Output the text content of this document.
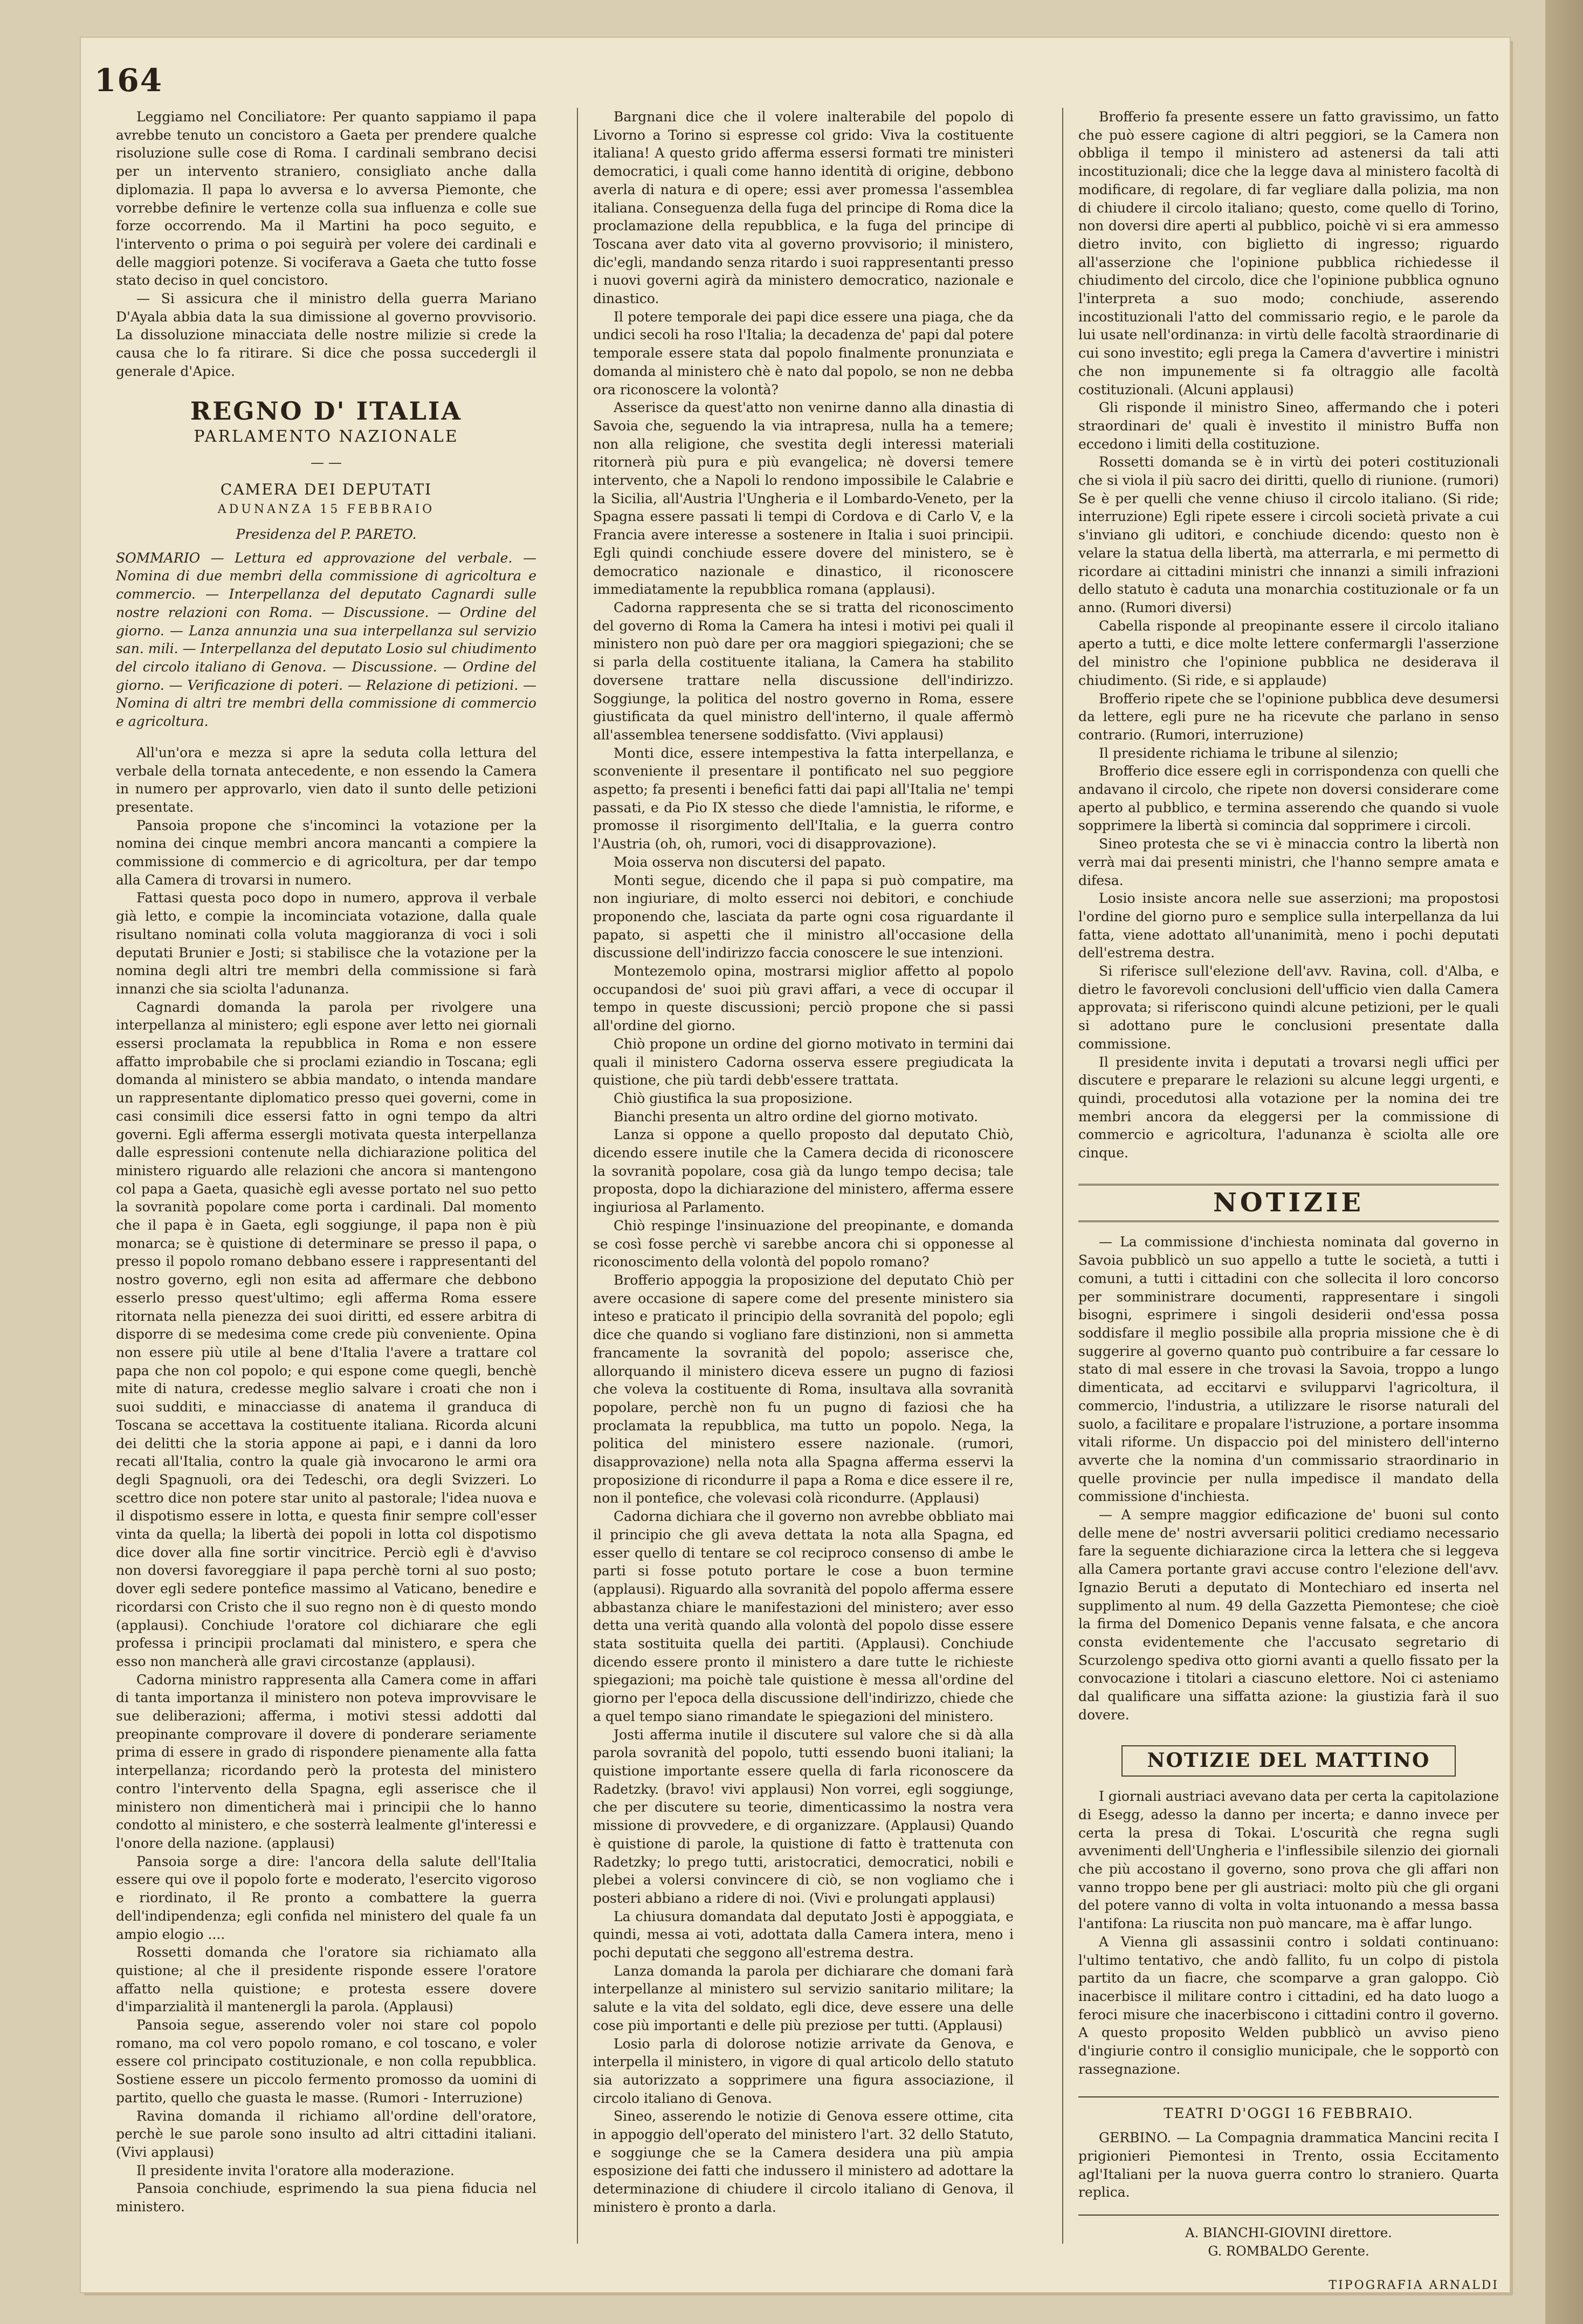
164

Leggiamo nel Conciliatore: Per quanto sappiamo il papa avrebbe tenuto un concistoro a Gaeta per prendere qualche risoluzione sulle cose di Roma. I cardinali sembrano decisi per un intervento straniero, consigliato anche dalla diplomazia. Il papa lo avversa e lo avversa Piemonte, che vorrebbe definire le vertenze colla sua influenza e colle sue forze occorrendo. Ma il Martini ha poco seguito, e l'intervento o prima o poi seguirà per volere dei cardinali e delle maggiori potenze. Si vociferava a Gaeta che tutto fosse stato deciso in quel concistoro.

— Si assicura che il ministro della guerra Mariano D'Ayala abbia data la sua dimissione al governo provvisorio. La dissoluzione minacciata delle nostre milizie si crede la causa che lo fa ritirare. Si dice che possa succedergli il generale d'Apice.

REGNO D' ITALIA
PARLAMENTO NAZIONALE
— —
CAMERA DEI DEPUTATI
ADUNANZA 15 FEBBRAIO
Presidenza del P. PARETO.

SOMMARIO — Lettura ed approvazione del verbale. — Nomina di due membri della commissione di agricoltura e commercio. — Interpellanza del deputato Cagnardi sulle nostre relazioni con Roma. — Discussione. — Ordine del giorno. — Lanza annunzia una sua interpellanza sul servizio san. mili. — Interpellanza del deputato Losio sul chiudimento del circolo italiano di Genova. — Discussione. — Ordine del giorno. — Verificazione di poteri. — Relazione di petizioni. — Nomina di altri tre membri della commissione di commercio e agricoltura.

All'un'ora e mezza si apre la seduta colla lettura del verbale della tornata antecedente, e non essendo la Camera in numero per approvarlo, vien dato il sunto delle petizioni presentate.

Pansoia propone che s'incominci la votazione per la nomina dei cinque membri ancora mancanti a compiere la commissione di commercio e di agricoltura, per dar tempo alla Camera di trovarsi in numero.

Fattasi questa poco dopo in numero, approva il verbale già letto, e compie la incominciata votazione, dalla quale risultano nominati colla voluta maggioranza di voci i soli deputati Brunier e Josti; si stabilisce che la votazione per la nomina degli altri tre membri della commissione si farà innanzi che sia sciolta l'adunanza.

Cagnardi domanda la parola per rivolgere una interpellanza al ministero; egli espone aver letto nei giornali essersi proclamata la repubblica in Roma e non essere affatto improbabile che si proclami eziandio in Toscana; egli domanda al ministero se abbia mandato, o intenda mandare un rappresentante diplomatico presso quei governi, come in casi consimili dice essersi fatto in ogni tempo da altri governi. Egli afferma essergli motivata questa interpellanza dalle espressioni contenute nella dichiarazione politica del ministero riguardo alle relazioni che ancora si mantengono col papa a Gaeta, quasichè egli avesse portato nel suo petto la sovranità popolare come porta i cardinali. Dal momento che il papa è in Gaeta, egli soggiunge, il papa non è più monarca; se è quistione di determinare se presso il papa, o presso il popolo romano debbano essere i rappresentanti del nostro governo, egli non esita ad affermare che debbono esserlo presso quest'ultimo; egli afferma Roma essere ritornata nella pienezza dei suoi diritti, ed essere arbitra di disporre di se medesima come crede più conveniente. Opina non essere più utile al bene d'Italia l'avere a trattare col papa che non col popolo; e qui espone come quegli, benchè mite di natura, credesse meglio salvare i croati che non i suoi sudditi, e minacciasse di anatema il granduca di Toscana se accettava la costituente italiana. Ricorda alcuni dei delitti che la storia appone ai papi, e i danni da loro recati all'Italia, contro la quale già invocarono le armi ora degli Spagnuoli, ora dei Tedeschi, ora degli Svizzeri. Lo scettro dice non potere star unito al pastorale; l'idea nuova e il dispotismo essere in lotta, e questa finir sempre coll'esser vinta da quella; la libertà dei popoli in lotta col dispotismo dice dover alla fine sortir vincitrice. Perciò egli è d'avviso non doversi favoreggiare il papa perchè torni al suo posto; dover egli sedere pontefice massimo al Vaticano, benedire e ricordarsi con Cristo che il suo regno non è di questo mondo (applausi). Conchiude l'oratore col dichiarare che egli professa i principii proclamati dal ministero, e spera che esso non mancherà alle gravi circostanze (applausi).

Cadorna ministro rappresenta alla Camera come in affari di tanta importanza il ministero non poteva improvvisare le sue deliberazioni; afferma, i motivi stessi addotti dal preopinante comprovare il dovere di ponderare seriamente prima di essere in grado di rispondere pienamente alla fatta interpellanza; ricordando però la protesta del ministero contro l'intervento della Spagna, egli asserisce che il ministero non dimenticherà mai i principii che lo hanno condotto al ministero, e che sosterrà lealmente gl'interessi e l'onore della nazione. (applausi)

Pansoia sorge a dire: l'ancora della salute dell'Italia essere qui ove il popolo forte e moderato, l'esercito vigoroso e riordinato, il Re pronto a combattere la guerra dell'indipendenza; egli confida nel ministero del quale fa un ampio elogio ....

Rossetti domanda che l'oratore sia richiamato alla quistione; al che il presidente risponde essere l'oratore affatto nella quistione; e protesta essere dovere d'imparzialità il mantenergli la parola. (Applausi)

Pansoia segue, asserendo voler noi stare col popolo romano, ma col vero popolo romano, e col toscano, e voler essere col principato costituzionale, e non colla repubblica. Sostiene essere un piccolo fermento promosso da uomini di partito, quello che guasta le masse. (Rumori - Interruzione)

Ravina domanda il richiamo all'ordine dell'oratore, perchè le sue parole sono insulto ad altri cittadini italiani. (Vivi applausi)

Il presidente invita l'oratore alla moderazione.

Pansoia conchiude, esprimendo la sua piena fiducia nel ministero.

Bargnani dice che il volere inalterabile del popolo di Livorno a Torino si espresse col grido: Viva la costituente italiana! A questo grido afferma essersi formati tre ministeri democratici, i quali come hanno identità di origine, debbono averla di natura e di opere; essi aver promessa l'assemblea italiana. Conseguenza della fuga del principe di Roma dice la proclamazione della repubblica, e la fuga del principe di Toscana aver dato vita al governo provvisorio; il ministero, dic'egli, mandando senza ritardo i suoi rappresentanti presso i nuovi governi agirà da ministero democratico, nazionale e dinastico.

Il potere temporale dei papi dice essere una piaga, che da undici secoli ha roso l'Italia; la decadenza de' papi dal potere temporale essere stata dal popolo finalmente pronunziata e domanda al ministero chè è nato dal popolo, se non ne debba ora riconoscere la volontà?

Asserisce da quest'atto non venirne danno alla dinastia di Savoia che, seguendo la via intrapresa, nulla ha a temere; non alla religione, che svestita degli interessi materiali ritornerà più pura e più evangelica; nè doversi temere intervento, che a Napoli lo rendono impossibile le Calabrie e la Sicilia, all'Austria l'Ungheria e il Lombardo-Veneto, per la Spagna essere passati li tempi di Cordova e di Carlo V, e la Francia avere interesse a sostenere in Italia i suoi principii. Egli quindi conchiude essere dovere del ministero, se è democratico nazionale e dinastico, il riconoscere immediatamente la repubblica romana (applausi).

Cadorna rappresenta che se si tratta del riconoscimento del governo di Roma la Camera ha intesi i motivi pei quali il ministero non può dare per ora maggiori spiegazioni; che se si parla della costituente italiana, la Camera ha stabilito doversene trattare nella discussione dell'indirizzo. Soggiunge, la politica del nostro governo in Roma, essere giustificata da quel ministro dell'interno, il quale affermò all'assemblea tenersene soddisfatto. (Vivi applausi)

Monti dice, essere intempestiva la fatta interpellanza, e sconveniente il presentare il pontificato nel suo peggiore aspetto; fa presenti i benefici fatti dai papi all'Italia ne' tempi passati, e da Pio IX stesso che diede l'amnistia, le riforme, e promosse il risorgimento dell'Italia, e la guerra contro l'Austria (oh, oh, rumori, voci di disapprovazione).

Moia osserva non discutersi del papato.

Monti segue, dicendo che il papa si può compatire, ma non ingiuriare, di molto esserci noi debitori, e conchiude proponendo che, lasciata da parte ogni cosa riguardante il papato, si aspetti che il ministro all'occasione della discussione dell'indirizzo faccia conoscere le sue intenzioni.

Montezemolo opina, mostrarsi miglior affetto al popolo occupandosi de' suoi più gravi affari, a vece di occupar il tempo in queste discussioni; perciò propone che si passi all'ordine del giorno.

Chiò propone un ordine del giorno motivato in termini dai quali il ministero Cadorna osserva essere pregiudicata la quistione, che più tardi debb'essere trattata.

Chiò giustifica la sua proposizione.

Bianchi presenta un altro ordine del giorno motivato.

Lanza si oppone a quello proposto dal deputato Chiò, dicendo essere inutile che la Camera decida di riconoscere la sovranità popolare, cosa già da lungo tempo decisa; tale proposta, dopo la dichiarazione del ministero, afferma essere ingiuriosa al Parlamento.

Chiò respinge l'insinuazione del preopinante, e domanda se così fosse perchè vi sarebbe ancora chi si opponesse al riconoscimento della volontà del popolo romano?

Brofferio appoggia la proposizione del deputato Chiò per avere occasione di sapere come del presente ministero sia inteso e praticato il principio della sovranità del popolo; egli dice che quando si vogliano fare distinzioni, non si ammetta francamente la sovranità del popolo; asserisce che, allorquando il ministero diceva essere un pugno di faziosi che voleva la costituente di Roma, insultava alla sovranità popolare, perchè non fu un pugno di faziosi che ha proclamata la repubblica, ma tutto un popolo. Nega, la politica del ministero essere nazionale. (rumori, disapprovazione) nella nota alla Spagna afferma esservi la proposizione di ricondurre il papa a Roma e dice essere il re, non il pontefice, che volevasi colà ricondurre. (Applausi)

Cadorna dichiara che il governo non avrebbe obbliato mai il principio che gli aveva dettata la nota alla Spagna, ed esser quello di tentare se col reciproco consenso di ambe le parti si fosse potuto portare le cose a buon termine (applausi). Riguardo alla sovranità del popolo afferma essere abbastanza chiare le manifestazioni del ministero; aver esso detta una verità quando alla volontà del popolo disse essere stata sostituita quella dei partiti. (Applausi). Conchiude dicendo essere pronto il ministero a dare tutte le richieste spiegazioni; ma poichè tale quistione è messa all'ordine del giorno per l'epoca della discussione dell'indirizzo, chiede che a quel tempo siano rimandate le spiegazioni del ministero.

Josti afferma inutile il discutere sul valore che si dà alla parola sovranità del popolo, tutti essendo buoni italiani; la quistione importante essere quella di farla riconoscere da Radetzky. (bravo! vivi applausi) Non vorrei, egli soggiunge, che per discutere su teorie, dimenticassimo la nostra vera missione di provvedere, e di organizzare. (Applausi) Quando è quistione di parole, la quistione di fatto è trattenuta con Radetzky; lo prego tutti, aristocratici, democratici, nobili e plebei a volersi convincere di ciò, se non vogliamo che i posteri abbiano a ridere di noi. (Vivi e prolungati applausi)

La chiusura domandata dal deputato Josti è appoggiata, e quindi, messa ai voti, adottata dalla Camera intera, meno i pochi deputati che seggono all'estrema destra.

Lanza domanda la parola per dichiarare che domani farà interpellanze al ministero sul servizio sanitario militare; la salute e la vita del soldato, egli dice, deve essere una delle cose più importanti e delle più preziose per tutti. (Applausi)

Losio parla di dolorose notizie arrivate da Genova, e interpella il ministero, in vigore di qual articolo dello statuto sia autorizzato a sopprimere una figura associazione, il circolo italiano di Genova.

Sineo, asserendo le notizie di Genova essere ottime, cita in appoggio dell'operato del ministero l'art. 32 dello Statuto, e soggiunge che se la Camera desidera una più ampia esposizione dei fatti che indussero il ministero ad adottare la determinazione di chiudere il circolo italiano di Genova, il ministero è pronto a darla.

Brofferio fa presente essere un fatto gravissimo, un fatto che può essere cagione di altri peggiori, se la Camera non obbliga il tempo il ministero ad astenersi da tali atti incostituzionali; dice che la legge dava al ministero facoltà di modificare, di regolare, di far vegliare dalla polizia, ma non di chiudere il circolo italiano; questo, come quello di Torino, non doversi dire aperti al pubblico, poichè vi si era ammesso dietro invito, con biglietto di ingresso; riguardo all'asserzione che l'opinione pubblica richiedesse il chiudimento del circolo, dice che l'opinione pubblica ognuno l'interpreta a suo modo; conchiude, asserendo incostituzionali l'atto del commissario regio, e le parole da lui usate nell'ordinanza: in virtù delle facoltà straordinarie di cui sono investito; egli prega la Camera d'avvertire i ministri che non impunemente si fa oltraggio alle facoltà costituzionali. (Alcuni applausi)

Gli risponde il ministro Sineo, affermando che i poteri straordinari de' quali è investito il ministro Buffa non eccedono i limiti della costituzione.

Rossetti domanda se è in virtù dei poteri costituzionali che si viola il più sacro dei diritti, quello di riunione. (rumori) Se è per quelli che venne chiuso il circolo italiano. (Si ride; interruzione) Egli ripete essere i circoli società private a cui s'inviano gli uditori, e conchiude dicendo: questo non è velare la statua della libertà, ma atterrarla, e mi permetto di ricordare ai cittadini ministri che innanzi a simili infrazioni dello statuto è caduta una monarchia costituzionale or fa un anno. (Rumori diversi)

Cabella risponde al preopinante essere il circolo italiano aperto a tutti, e dice molte lettere confermargli l'asserzione del ministro che l'opinione pubblica ne desiderava il chiudimento. (Si ride, e si applaude)

Brofferio ripete che se l'opinione pubblica deve desumersi da lettere, egli pure ne ha ricevute che parlano in senso contrario. (Rumori, interruzione)

Il presidente richiama le tribune al silenzio;

Brofferio dice essere egli in corrispondenza con quelli che andavano il circolo, che ripete non doversi considerare come aperto al pubblico, e termina asserendo che quando si vuole sopprimere la libertà si comincia dal sopprimere i circoli.

Sineo protesta che se vi è minaccia contro la libertà non verrà mai dai presenti ministri, che l'hanno sempre amata e difesa.

Losio insiste ancora nelle sue asserzioni; ma propostosi l'ordine del giorno puro e semplice sulla interpellanza da lui fatta, viene adottato all'unanimità, meno i pochi deputati dell'estrema destra.

Si riferisce sull'elezione dell'avv. Ravina, coll. d'Alba, e dietro le favorevoli conclusioni dell'ufficio vien dalla Camera approvata; si riferiscono quindi alcune petizioni, per le quali si adottano pure le conclusioni presentate dalla commissione.

Il presidente invita i deputati a trovarsi negli uffici per discutere e preparare le relazioni su alcune leggi urgenti, e quindi, procedutosi alla votazione per la nomina dei tre membri ancora da eleggersi per la commissione di commercio e agricoltura, l'adunanza è sciolta alle ore cinque.

NOTIZIE

— La commissione d'inchiesta nominata dal governo in Savoia pubblicò un suo appello a tutte le società, a tutti i comuni, a tutti i cittadini con che sollecita il loro concorso per somministrare documenti, rappresentare i singoli bisogni, esprimere i singoli desiderii ond'essa possa soddisfare il meglio possibile alla propria missione che è di suggerire al governo quanto può contribuire a far cessare lo stato di mal essere in che trovasi la Savoia, troppo a lungo dimenticata, ad eccitarvi e svilupparvi l'agricoltura, il commercio, l'industria, a utilizzare le risorse naturali del suolo, a facilitare e propalare l'istruzione, a portare insomma vitali riforme. Un dispaccio poi del ministero dell'interno avverte che la nomina d'un commissario straordinario in quelle provincie per nulla impedisce il mandato della commissione d'inchiesta.

— A sempre maggior edificazione de' buoni sul conto delle mene de' nostri avversarii politici crediamo necessario fare la seguente dichiarazione circa la lettera che si leggeva alla Camera portante gravi accuse contro l'elezione dell'avv. Ignazio Beruti a deputato di Montechiaro ed inserta nel supplimento al num. 49 della Gazzetta Piemontese; che cioè la firma del Domenico Depanis venne falsata, e che ancora consta evidentemente che l'accusato segretario di Scurzolengo spediva otto giorni avanti a quello fissato per la convocazione i titolari a ciascuno elettore. Noi ci asteniamo dal qualificare una siffatta azione: la giustizia farà il suo dovere.

NOTIZIE DEL MATTINO

I giornali austriaci avevano data per certa la capitolazione di Esegg, adesso la danno per incerta; e danno invece per certa la presa di Tokai. L'oscurità che regna sugli avvenimenti dell'Ungheria e l'inflessibile silenzio dei giornali che più accostano il governo, sono prova che gli affari non vanno troppo bene per gli austriaci: molto più che gli organi del potere vanno di volta in volta intuonando a messa bassa l'antifona: La riuscita non può mancare, ma è affar lungo.

A Vienna gli assassinii contro i soldati continuano: l'ultimo tentativo, che andò fallito, fu un colpo di pistola partito da un fiacre, che scomparve a gran galoppo. Ciò inacerbisce il militare contro i cittadini, ed ha dato luogo a feroci misure che inacerbiscono i cittadini contro il governo. A questo proposito Welden pubblicò un avviso pieno d'ingiurie contro il consiglio municipale, che le sopportò con rassegnazione.

TEATRI D'OGGI 16 FEBBRAIO.

GERBINO. — La Compagnia drammatica Mancini recita I prigionieri Piemontesi in Trento, ossia Eccitamento agl'Italiani per la nuova guerra contro lo straniero. Quarta replica.

A. BIANCHI-GIOVINI direttore.
G. ROMBALDO Gerente.
TIPOGRAFIA ARNALDI
